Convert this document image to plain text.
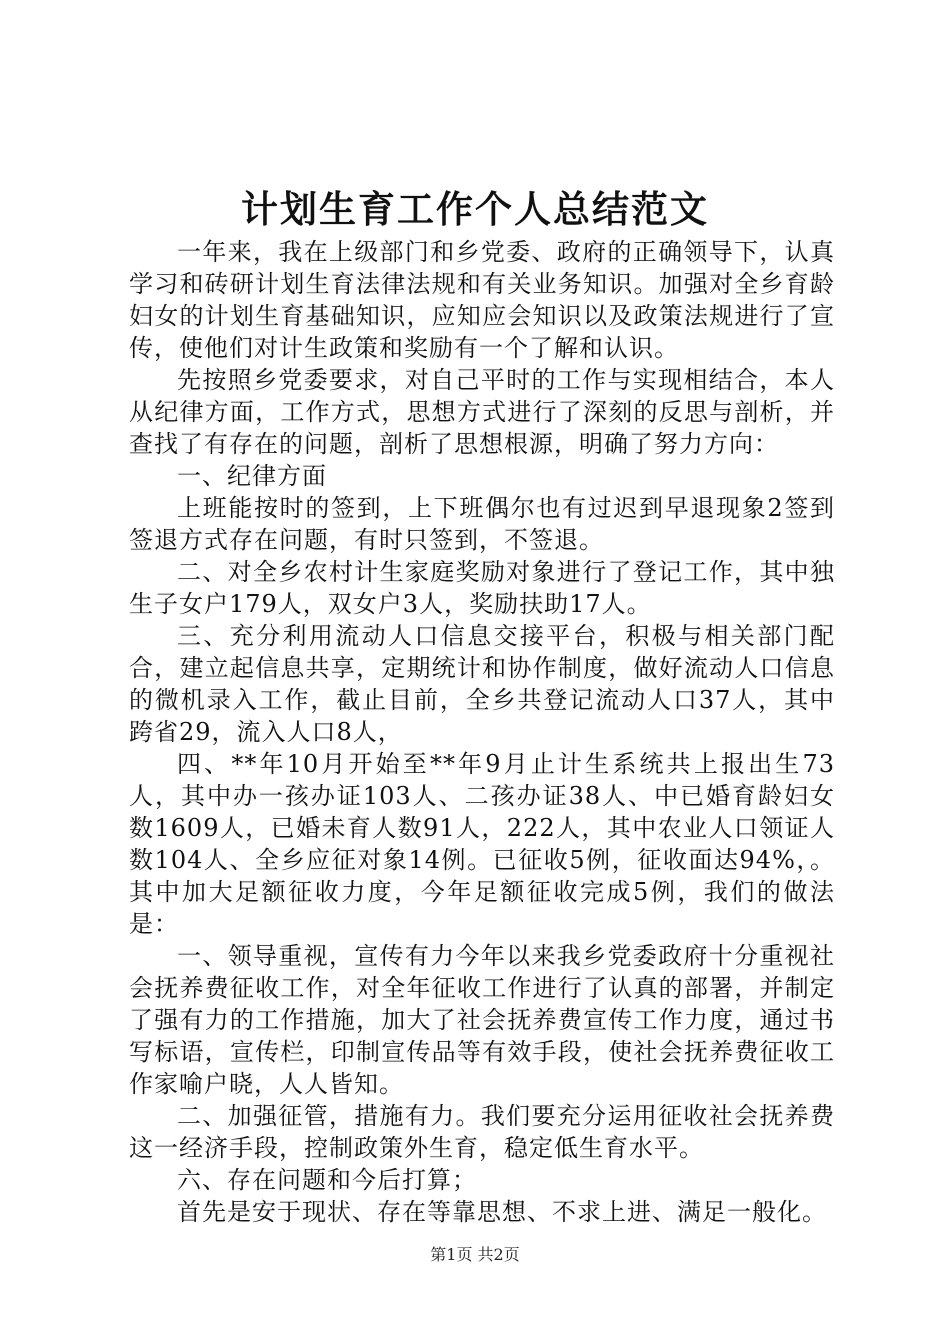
计划生育工作个人总结范文

一年来，我在上级部门和乡党委、政府的正确领导下，认真学习和砖研计划生育法律法规和有关业务知识。加强对全乡育龄妇女的计划生育基础知识，应知应会知识以及政策法规进行了宣传，使他们对计生政策和奖励有一个了解和认识。

先按照乡党委要求，对自己平时的工作与实现相结合，本人从纪律方面，工作方式，思想方式进行了深刻的反思与剖析，并查找了有存在的问题，剖析了思想根源，明确了努力方向：

一、纪律方面

上班能按时的签到，上下班偶尔也有过迟到早退现象2签到签退方式存在问题，有时只签到，不签退。

二、对全乡农村计生家庭奖励对象进行了登记工作，其中独生子女户179人，双女户3人，奖励扶助17人。

三、充分利用流动人口信息交接平台，积极与相关部门配合，建立起信息共享，定期统计和协作制度，做好流动人口信息的微机录入工作，截止目前，全乡共登记流动人口37人，其中跨省29，流入人口8人，

四、**年10月开始至**年9月止计生系统共上报出生73人，其中办一孩办证103人、二孩办证38人、中已婚育龄妇女数1609人，已婚未育人数91人，222人，其中农业人口领证人数104人、全乡应征对象14例。已征收5例，征收面达94%，。其中加大足额征收力度，今年足额征收完成5例，我们的做法是：

一、领导重视，宣传有力今年以来我乡党委政府十分重视社会抚养费征收工作，对全年征收工作进行了认真的部署，并制定了强有力的工作措施，加大了社会抚养费宣传工作力度，通过书写标语，宣传栏，印制宣传品等有效手段，使社会抚养费征收工作家喻户晓，人人皆知。

二、加强征管，措施有力。我们要充分运用征收社会抚养费这一经济手段，控制政策外生育，稳定低生育水平。

六、存在问题和今后打算；

首先是安于现状、存在等靠思想、不求上进、满足一般化。

第1页 共2页
